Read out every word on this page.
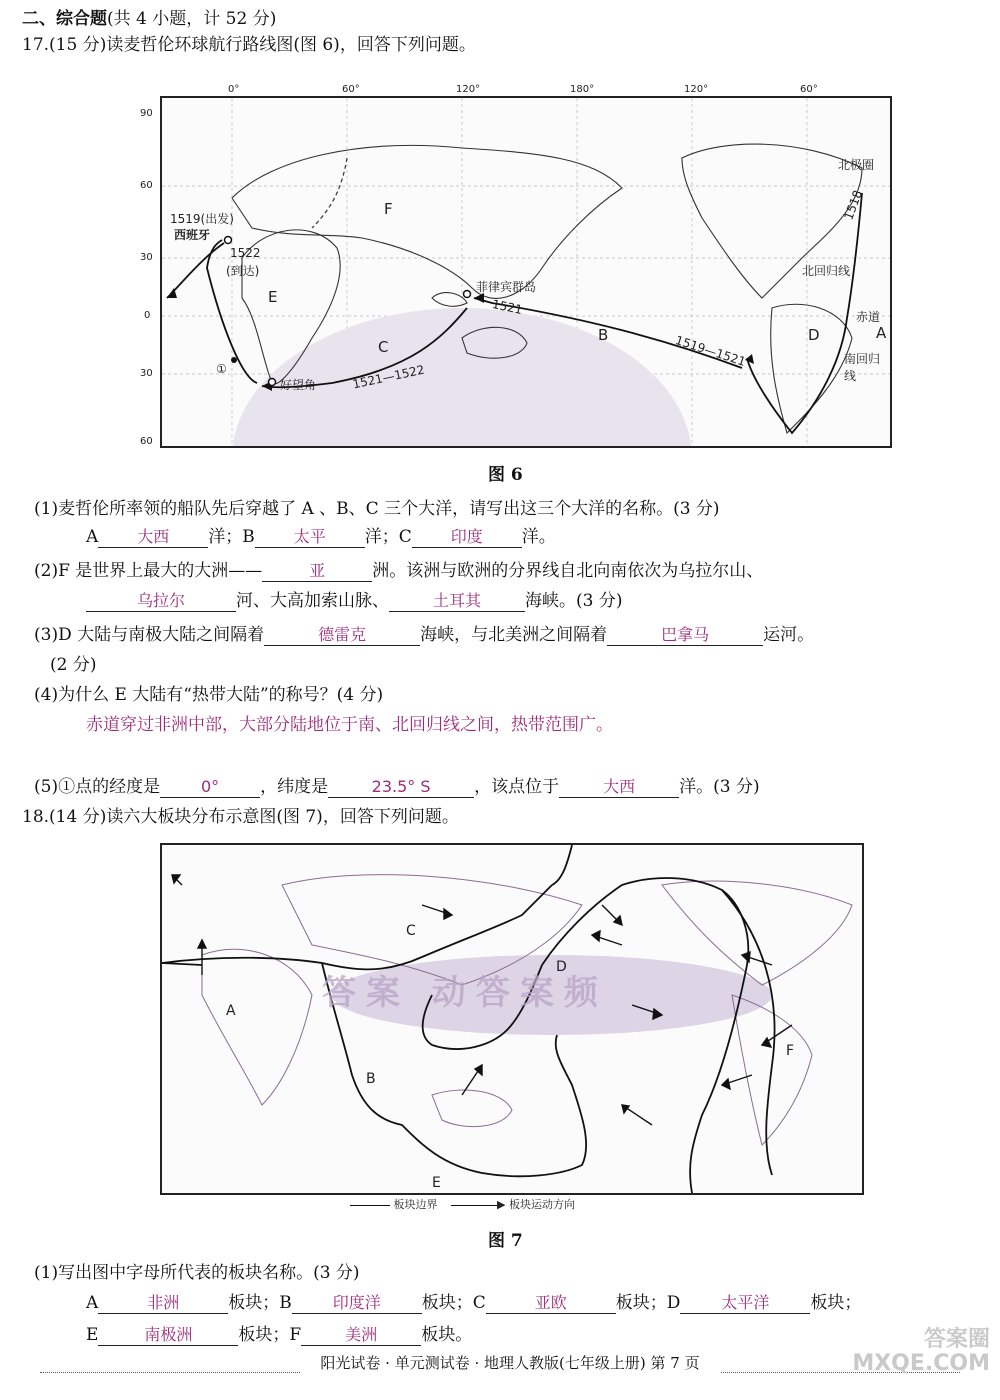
二、综合题(共 4 小题，计 52 分)
17.(15 分)读麦哲伦环球航行路线图(图 6)，回答下列问题。
0°	60°	120°	180°	120°	60°
90
60
30
0
30
60
1519(出发)
西班牙
1522
(到达)
菲律宾群岛
好望角
①
北极圈
北回归线
赤道
南回归线
1518
1519—1521
1521
1521—1522
A
B
C
D
E
F
图 6
(1)麦哲伦所率领的船队先后穿越了 A 、B、C 三个大洋，请写出这三个大洋的名称。(3 分)
A 大西 洋；B 太平 洋；C 印度 洋。
(2)F 是世界上最大的大洲——	亚	洲。该洲与欧洲的分界线自北向南依次为乌拉尔山、
乌拉尔	河、大高加索山脉、	土耳其	海峡。(3 分)
(3)D 大陆与南极大陆之间隔着	德雷克	海峡，与北美洲之间隔着	巴拿马	运河。
(2 分)
(4)为什么 E 大陆有“热带大陆”的称号？(4 分)
赤道穿过非洲中部，大部分陆地位于南、北回归线之间，热带范围广。
(5)①点的经度是	0° ，纬度是	23.5° S	，该点位于	大西	洋。(3 分)
18.(14 分)读六大板块分布示意图(图 7)，回答下列问题。
A
B
C
D
E
F
答案 动答案频
板块边界	▶ 板块运动方向
图 7
(1)写出图中字母所代表的板块名称。(3 分)
A	非洲	板块；B	印度洋 板块；C	亚欧	板块；D	太平洋 板块；
E	南极洲	板块；F	美洲	板块。
阳光试卷 · 单元测试卷 · 地理人教版(七年级上册) 第 7 页
答案圈 MXQE.COM
